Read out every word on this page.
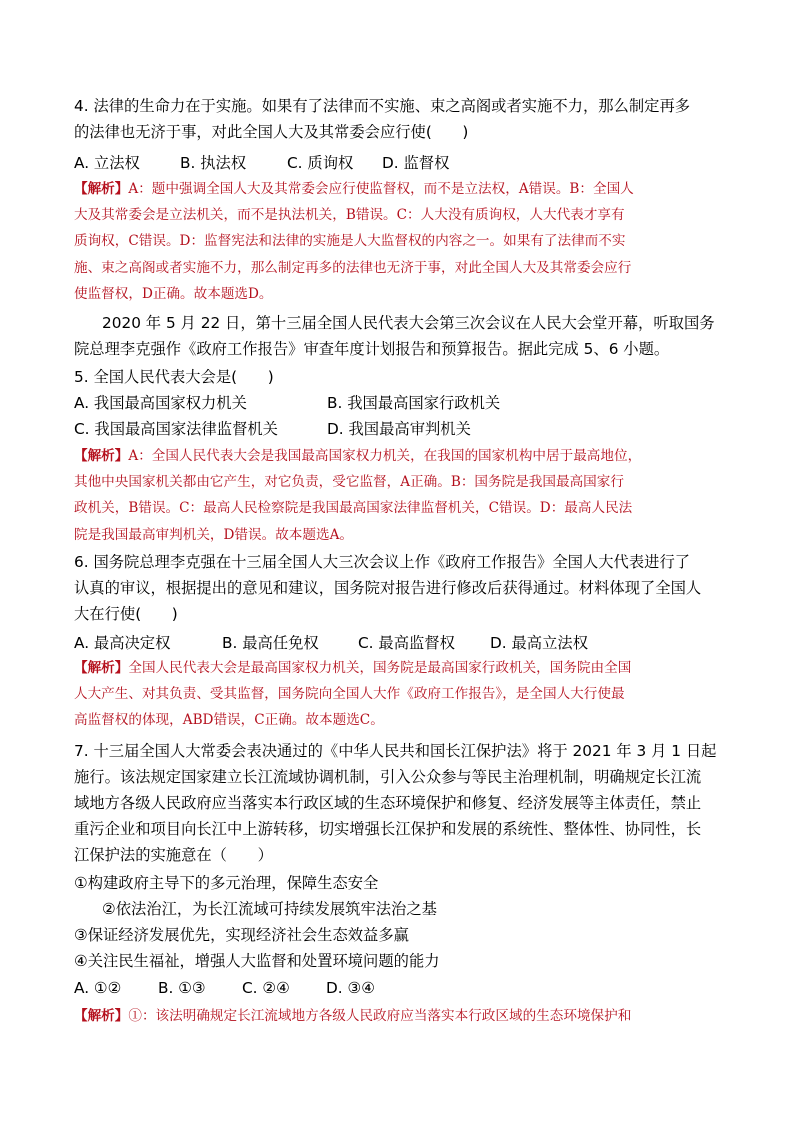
4. 法律的生命力在于实施。如果有了法律而不实施、束之高阁或者实施不力，那么制定再多
的法律也无济于事，对此全国人大及其常委会应行使(　　)
A. 立法权	B. 执法权	C. 质询权 D. 监督权
【解析】A：题中强调全国人大及其常委会应行使监督权，而不是立法权，A错误。B：全国人
大及其常委会是立法机关，而不是执法机关，B错误。C：人大没有质询权，人大代表才享有
质询权，C错误。D：监督宪法和法律的实施是人大监督权的内容之一。如果有了法律而不实
施、束之高阁或者实施不力，那么制定再多的法律也无济于事，对此全国人大及其常委会应行
使监督权，D正确。故本题选D。
2020 年 5 月 22 日，第十三届全国人民代表大会第三次会议在人民大会堂开幕，听取国务
院总理李克强作《政府工作报告》审查年度计划报告和预算报告。据此完成 5、6 小题。
5. 全国人民代表大会是(　　)
A. 我国最高国家权力机关	B. 我国最高国家行政机关
C. 我国最高国家法律监督机关	D. 我国最高审判机关
【解析】A：全国人民代表大会是我国最高国家权力机关，在我国的国家机构中居于最高地位，
其他中央国家机关都由它产生，对它负责，受它监督，A正确。B：国务院是我国最高国家行
政机关，B错误。C：最高人民检察院是我国最高国家法律监督机关，C错误。D：最高人民法
院是我国最高审判机关，D错误。故本题选A。
6. 国务院总理李克强在十三届全国人大三次会议上作《政府工作报告》全国人大代表进行了
认真的审议，根据提出的意见和建议，国务院对报告进行修改后获得通过。材料体现了全国人
大在行使(　　)
A. 最高决定权	B. 最高任免权	C. 最高监督权 D. 最高立法权
【解析】全国人民代表大会是最高国家权力机关，国务院是最高国家行政机关，国务院由全国
人大产生、对其负责、受其监督，国务院向全国人大作《政府工作报告》，是全国人大行使最
高监督权的体现，ABD错误，C正确。故本题选C。
7. 十三届全国人大常委会表决通过的《中华人民共和国长江保护法》将于 2021 年 3 月 1 日起
施行。该法规定国家建立长江流域协调机制，引入公众参与等民主治理机制，明确规定长江流
域地方各级人民政府应当落实本行政区域的生态环境保护和修复、经济发展等主体责任，禁止
重污企业和项目向长江中上游转移，切实增强长江保护和发展的系统性、整体性、协同性，长
江保护法的实施意在（　　）
①构建政府主导下的多元治理，保障生态安全
②依法治江，为长江流域可持续发展筑牢法治之基
③保证经济发展优先，实现经济社会生态效益多赢
④关注民生福祉，增强人大监督和处置环境问题的能力
A. ①② B. ①③ C. ②④ D. ③④
【解析】①：该法明确规定长江流域地方各级人民政府应当落实本行政区域的生态环境保护和
